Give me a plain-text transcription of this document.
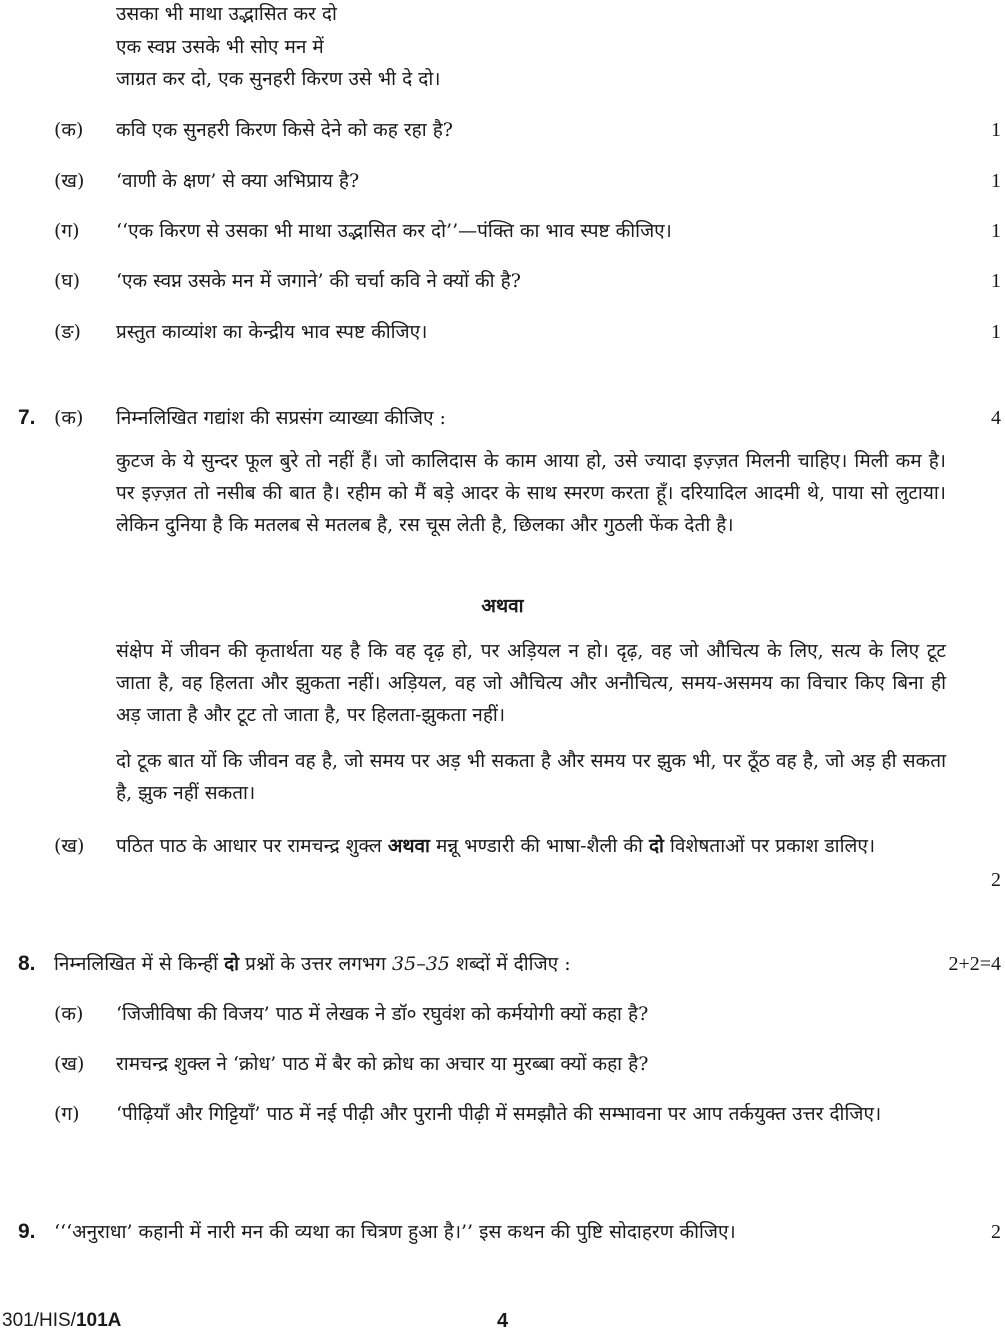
उसका भी माथा उद्भासित कर दो
एक स्वप्न उसके भी सोए मन में
जाग्रत कर दो, एक सुनहरी किरण उसे भी दे दो।
(क) कवि एक सुनहरी किरण किसे देने को कह रहा है?	1
(ख) ‘वाणी के क्षण’ से क्या अभिप्राय है?	1
(ग) ‘‘एक किरण से उसका भी माथा उद्भासित कर दो’’—पंक्ति का भाव स्पष्ट कीजिए।	1
(घ) ‘एक स्वप्न उसके मन में जगाने’ की चर्चा कवि ने क्यों की है?	1
(ङ) प्रस्तुत काव्यांश का केन्द्रीय भाव स्पष्ट कीजिए।	1
7. (क) निम्नलिखित गद्यांश की सप्रसंग व्याख्या कीजिए :	4
कुटज के ये सुन्दर फूल बुरे तो नहीं हैं। जो कालिदास के काम आया हो, उसे ज्यादा इज़्ज़त मिलनी चाहिए। मिली कम है। पर इज़्ज़त तो नसीब की बात है। रहीम को मैं बड़े आदर के साथ स्मरण करता हूँ। दरियादिल आदमी थे, पाया सो लुटाया। लेकिन दुनिया है कि मतलब से मतलब है, रस चूस लेती है, छिलका और गुठली फेंक देती है।
अथवा
संक्षेप में जीवन की कृतार्थता यह है कि वह दृढ़ हो, पर अड़ियल न हो। दृढ़, वह जो औचित्य के लिए, सत्य के लिए टूट जाता है, वह हिलता और झुकता नहीं। अड़ियल, वह जो औचित्य और अनौचित्य, समय-असमय का विचार किए बिना ही अड़ जाता है और टूट तो जाता है, पर हिलता-झुकता नहीं।
दो टूक बात यों कि जीवन वह है, जो समय पर अड़ भी सकता है और समय पर झुक भी, पर ठूँठ वह है, जो अड़ ही सकता है, झुक नहीं सकता।
(ख) पठित पाठ के आधार पर रामचन्द्र शुक्ल अथवा मन्नू भण्डारी की भाषा-शैली की दो विशेषताओं पर प्रकाश डालिए।
2
8. निम्नलिखित में से किन्हीं दो प्रश्नों के उत्तर लगभग 35–35 शब्दों में दीजिए :	2+2=4
(क) ‘जिजीविषा की विजय’ पाठ में लेखक ने डॉ० रघुवंश को कर्मयोगी क्यों कहा है?
(ख) रामचन्द्र शुक्ल ने ‘क्रोध’ पाठ में बैर को क्रोध का अचार या मुरब्बा क्यों कहा है?
(ग) ‘पीढ़ियाँ और गिट्टियाँ’ पाठ में नई पीढ़ी और पुरानी पीढ़ी में समझौते की सम्भावना पर आप तर्कयुक्त उत्तर दीजिए।
9. ‘‘‘अनुराधा’ कहानी में नारी मन की व्यथा का चित्रण हुआ है।’’ इस कथन की पुष्टि सोदाहरण कीजिए।	2
301/HIS/101A	4
